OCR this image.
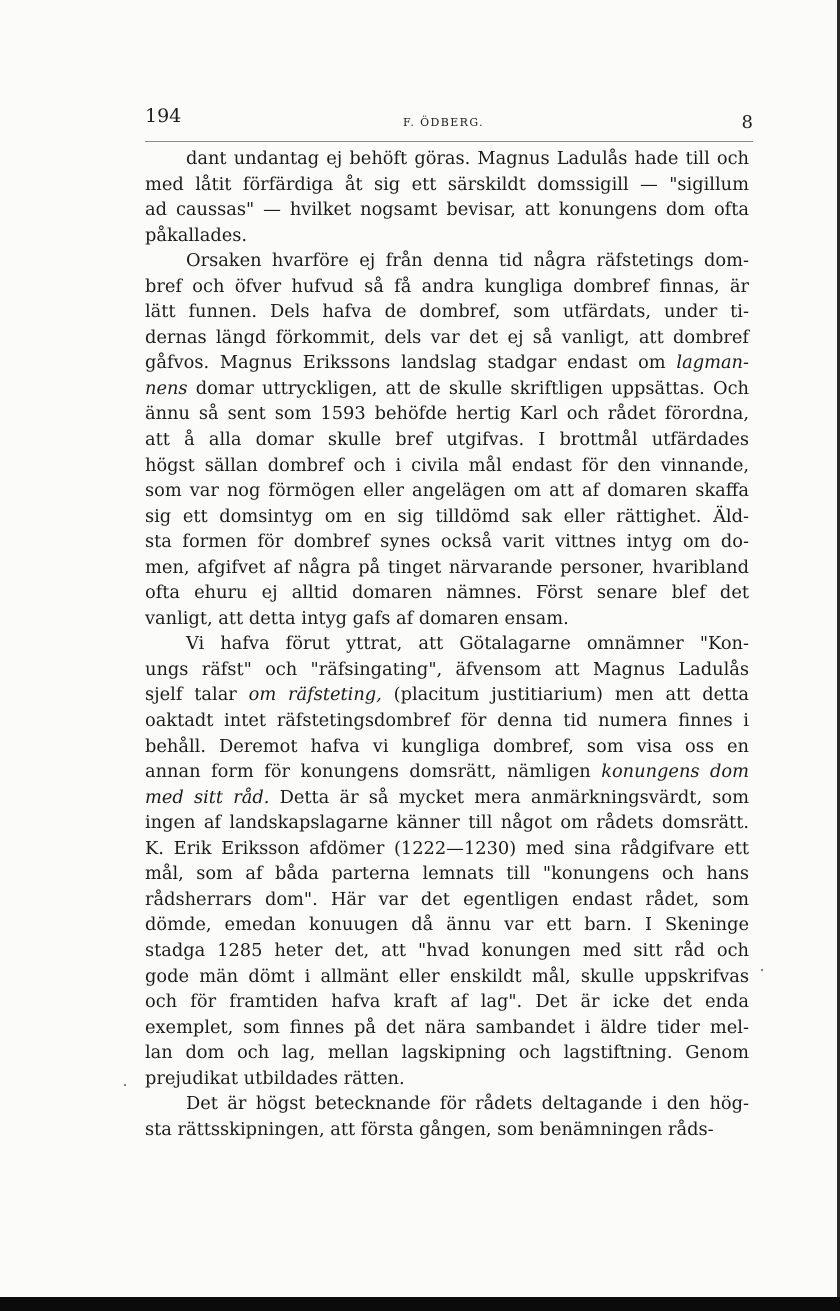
194	F. ÖDBERG.	8
dant undantag ej behöft göras. Magnus Ladulås hade till och
med låtit förfärdiga åt sig ett särskildt domssigill — "sigillum
ad caussas" — hvilket nogsamt bevisar, att konungens dom ofta
påkallades.
Orsaken hvarföre ej från denna tid några räfstetings dom-
bref och öfver hufvud så få andra kungliga dombref finnas, är
lätt funnen. Dels hafva de dombref, som utfärdats, under ti-
dernas längd förkommit, dels var det ej så vanligt, att dombref
gåfvos. Magnus Erikssons landslag stadgar endast om lagman-
nens domar uttryckligen, att de skulle skriftligen uppsättas. Och
ännu så sent som 1593 behöfde hertig Karl och rådet förordna,
att å alla domar skulle bref utgifvas. I brottmål utfärdades
högst sällan dombref och i civila mål endast för den vinnande,
som var nog förmögen eller angelägen om att af domaren skaffa
sig ett domsintyg om en sig tilldömd sak eller rättighet. Äld-
sta formen för dombref synes också varit vittnes intyg om do-
men, afgifvet af några på tinget närvarande personer, hvaribland
ofta ehuru ej alltid domaren nämnes. Först senare blef det
vanligt, att detta intyg gafs af domaren ensam.
Vi hafva förut yttrat, att Götalagarne omnämner "Kon-
ungs räfst" och "räfsingating", äfvensom att Magnus Ladulås
sjelf talar om räfsteting, (placitum justitiarium) men att detta
oaktadt intet räfstetingsdombref för denna tid numera finnes i
behåll. Deremot hafva vi kungliga dombref, som visa oss en
annan form för konungens domsrätt, nämligen konungens dom
med sitt råd. Detta är så mycket mera anmärkningsvärdt, som
ingen af landskapslagarne känner till något om rådets domsrätt.
K. Erik Eriksson afdömer (1222—1230) med sina rådgifvare ett
mål, som af båda parterna lemnats till "konungens och hans
rådsherrars dom". Här var det egentligen endast rådet, som
dömde, emedan konuugen då ännu var ett barn. I Skeninge
stadga 1285 heter det, att "hvad konungen med sitt råd och
gode män dömt i allmänt eller enskildt mål, skulle uppskrifvas
och för framtiden hafva kraft af lag". Det är icke det enda
exemplet, som finnes på det nära sambandet i äldre tider mel-
lan dom och lag, mellan lagskipning och lagstiftning. Genom
prejudikat utbildades rätten.
Det är högst betecknande för rådets deltagande i den hög-
sta rättsskipningen, att första gången, som benämningen råds-
